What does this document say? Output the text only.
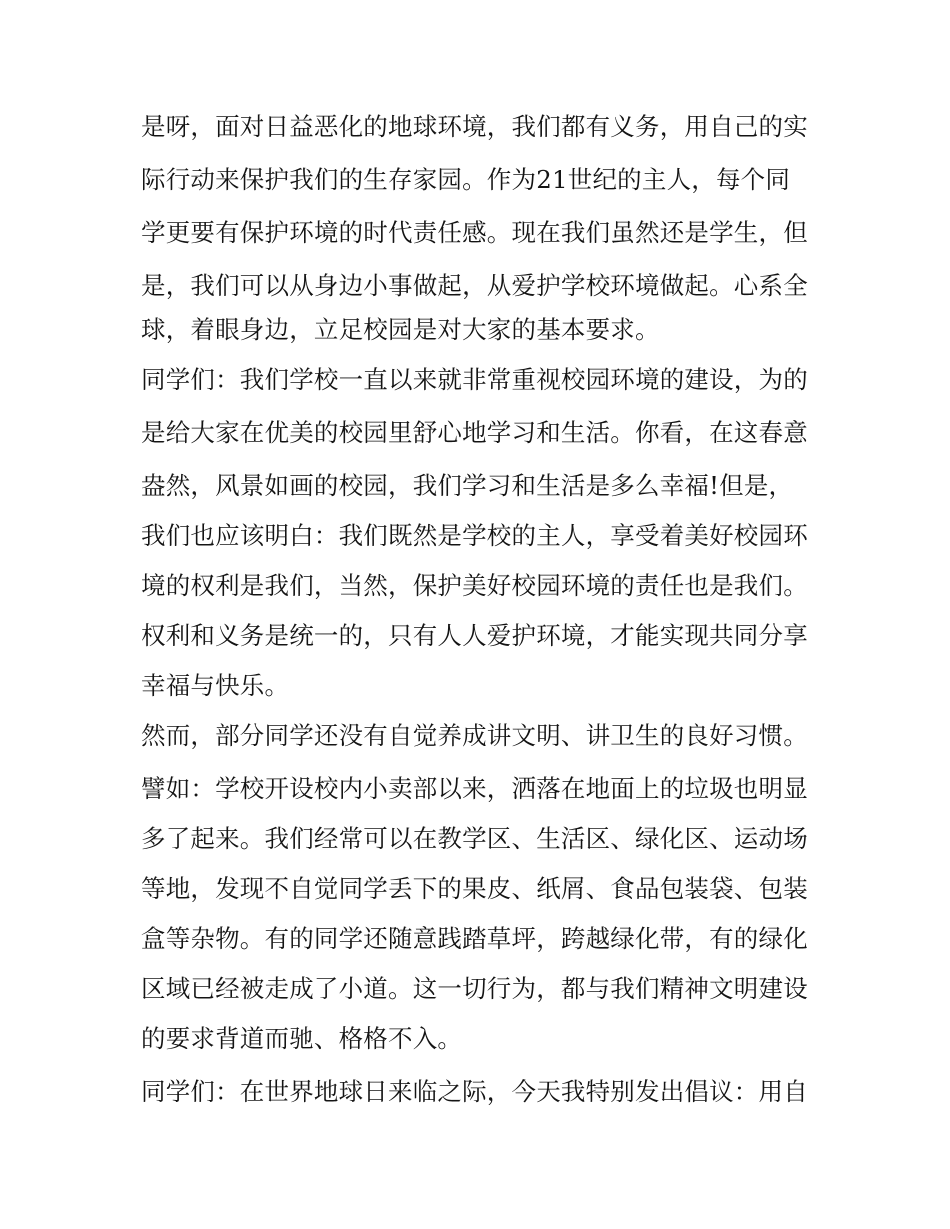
是呀，面对日益恶化的地球环境，我们都有义务，用自己的实
际行动来保护我们的生存家园。作为21世纪的主人，每个同
学更要有保护环境的时代责任感。现在我们虽然还是学生，但
是，我们可以从身边小事做起，从爱护学校环境做起。心系全
球，着眼身边，立足校园是对大家的基本要求。
同学们：我们学校一直以来就非常重视校园环境的建设，为的
是给大家在优美的校园里舒心地学习和生活。你看，在这春意
盎然，风景如画的校园，我们学习和生活是多么幸福!但是，
我们也应该明白：我们既然是学校的主人，享受着美好校园环
境的权利是我们，当然，保护美好校园环境的责任也是我们。
权利和义务是统一的，只有人人爱护环境，才能实现共同分享
幸福与快乐。
然而，部分同学还没有自觉养成讲文明、讲卫生的良好习惯。
譬如：学校开设校内小卖部以来，洒落在地面上的垃圾也明显
多了起来。我们经常可以在教学区、生活区、绿化区、运动场
等地，发现不自觉同学丢下的果皮、纸屑、食品包装袋、包装
盒等杂物。有的同学还随意践踏草坪，跨越绿化带，有的绿化
区域已经被走成了小道。这一切行为，都与我们精神文明建设
的要求背道而驰、格格不入。
同学们：在世界地球日来临之际，今天我特别发出倡议：用自
